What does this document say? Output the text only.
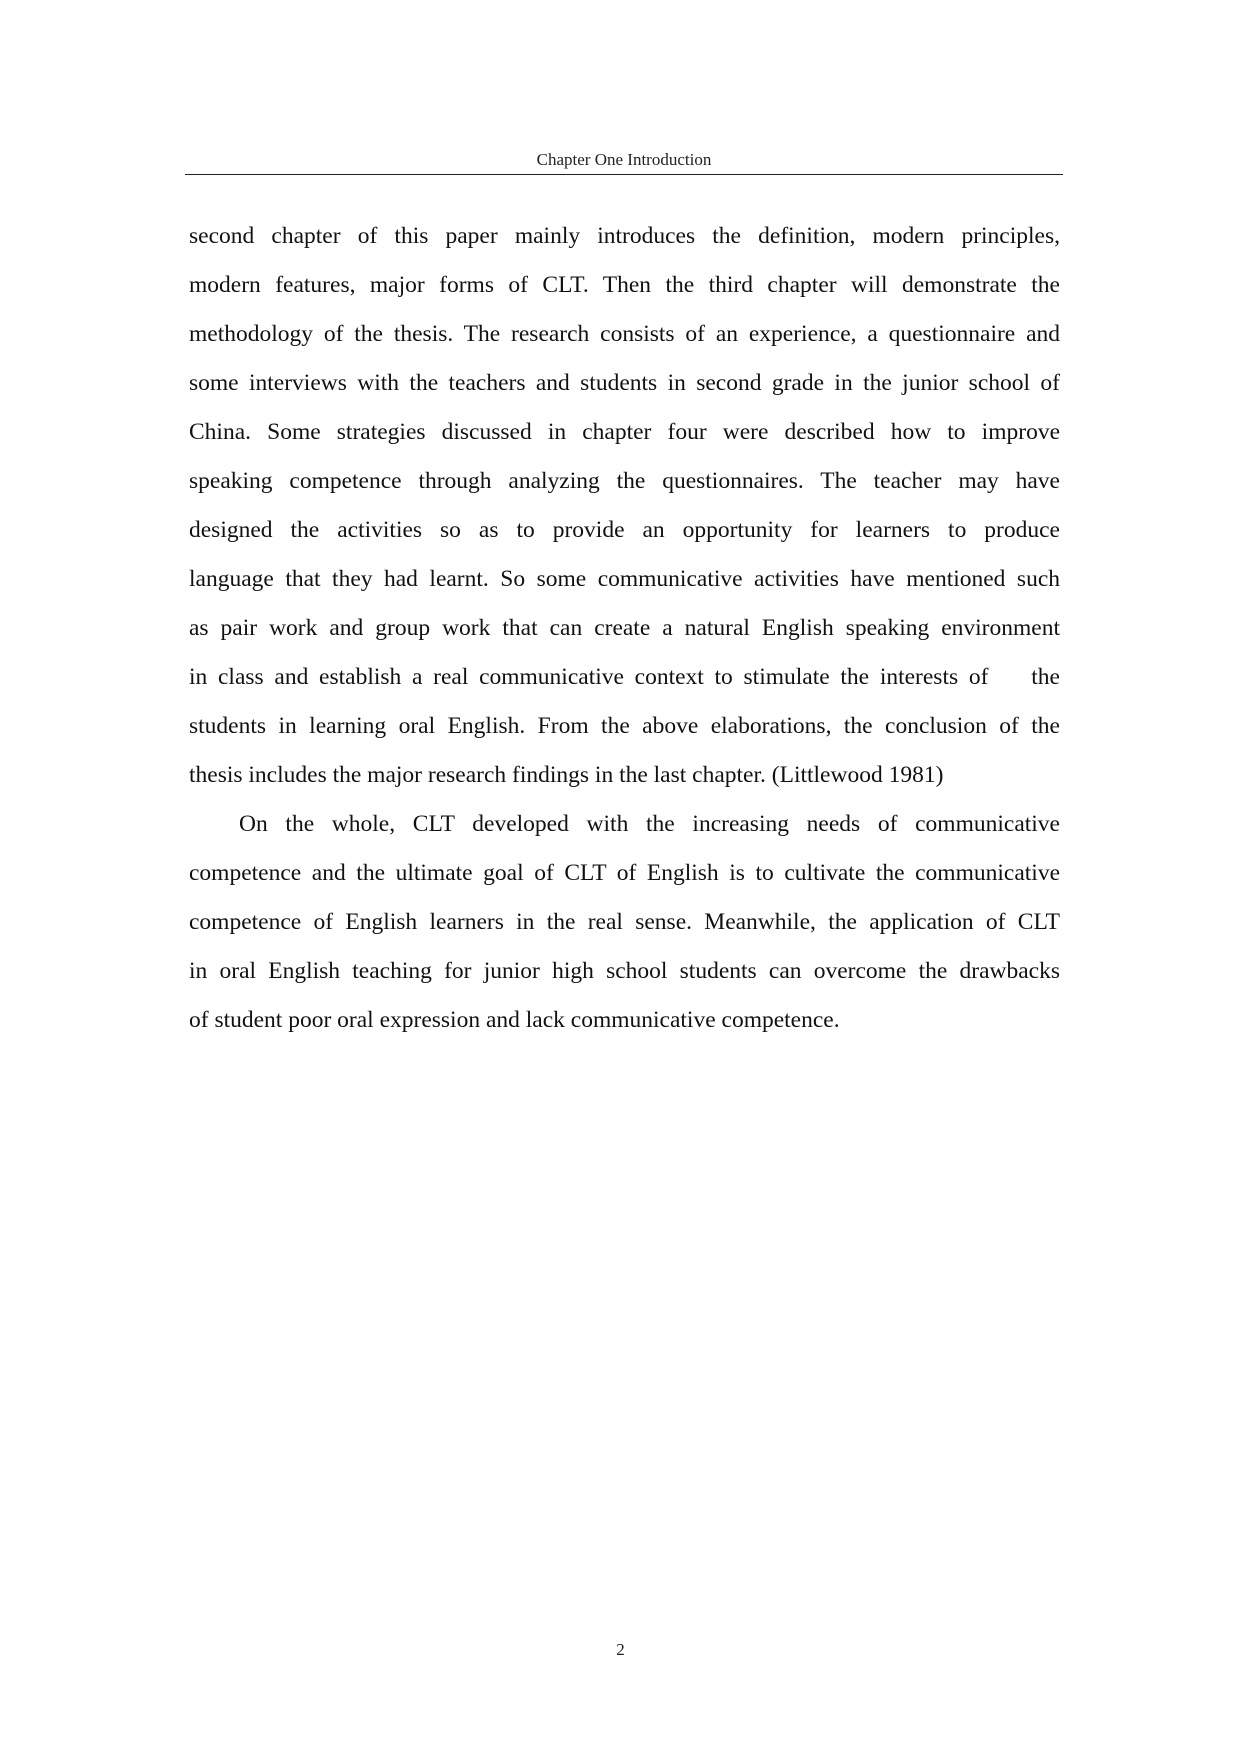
Chapter One Introduction

second chapter of this paper mainly introduces the definition, modern principles,
modern features, major forms of CLT. Then the third chapter will demonstrate the
methodology of the thesis. The research consists of an experience, a questionnaire and
some interviews with the teachers and students in second grade in the junior school of
China. Some strategies discussed in chapter four were described how to improve
speaking competence through analyzing the questionnaires. The teacher may have
designed the activities so as to provide an opportunity for learners to produce
language that they had learnt. So some communicative activities have mentioned such
as pair work and group work that can create a natural English speaking environment
in class and establish a real communicative context to stimulate the interests of    the
students in learning oral English. From the above elaborations, the conclusion of the
thesis includes the major research findings in the last chapter. (Littlewood 1981)

On the whole, CLT developed with the increasing needs of communicative
competence and the ultimate goal of CLT of English is to cultivate the communicative
competence of English learners in the real sense. Meanwhile, the application of CLT
in oral English teaching for junior high school students can overcome the drawbacks
of student poor oral expression and lack communicative competence.

2
